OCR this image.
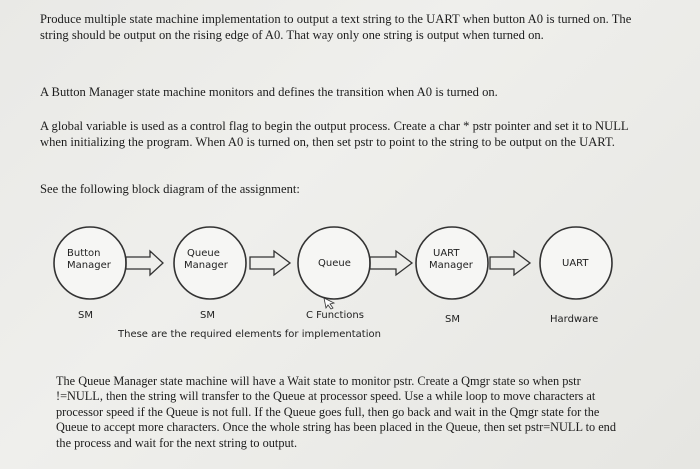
Produce multiple state machine implementation to output a text string to the UART when button A0 is turned on. The string should be output on the rising edge of A0. That way only one string is output when turned on.

A Button Manager state machine monitors and defines the transition when A0 is turned on.

A global variable is used as a control flag to begin the output process. Create a char * pstr pointer and set it to NULL when initializing the program. When A0 is turned on, then set pstr to point to the string to be output on the UART.

See the following block diagram of the assignment:

Button
Manager
SM
Queue
Manager
SM
Queue
C Functions
UART
Manager
SM
UART
Hardware
These are the required elements for implementation

The Queue Manager state machine will have a Wait state to monitor pstr. Create a Qmgr state so when pstr !=NULL, then the string will transfer to the Queue at processor speed. Use a while loop to move characters at processor speed if the Queue is not full. If the Queue goes full, then go back and wait in the Qmgr state for the Queue to accept more characters. Once the whole string has been placed in the Queue, then set pstr=NULL to end the process and wait for the next string to output.
